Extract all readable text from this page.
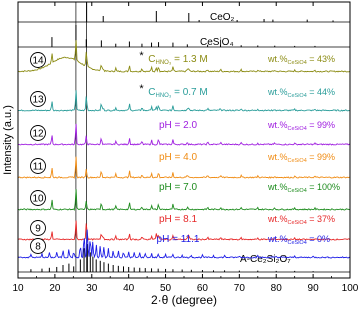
CeO₂
CeSiO₄
A-Ce₂Si₂O₇
14	$C_{HNO_3} = 1.3$ M	$wt.\%_{CeSiO4} = 43\%$
*
13
$C_{HNO_3} = 0.7$ M	$wt.\%_{CeSiO4} = 44\%$
*
12
pH = 2.0	$wt.\%_{CeSiO4} = 99\%$
11
pH = 4.0	$wt.\%_{CeSiO4} = 99\%$
10
pH = 7.0	$wt.\%_{CeSiO4} = 100\%$
9
pH = 8.1	$wt.\%_{CeSiO4} = 37\%$
8
pH = 11.1	$wt.\%_{CeSiO4} = 0\%$
10	20	30	40	50	60	70	80	90 100
2·θ (degree)
Intensity (a.u.)
